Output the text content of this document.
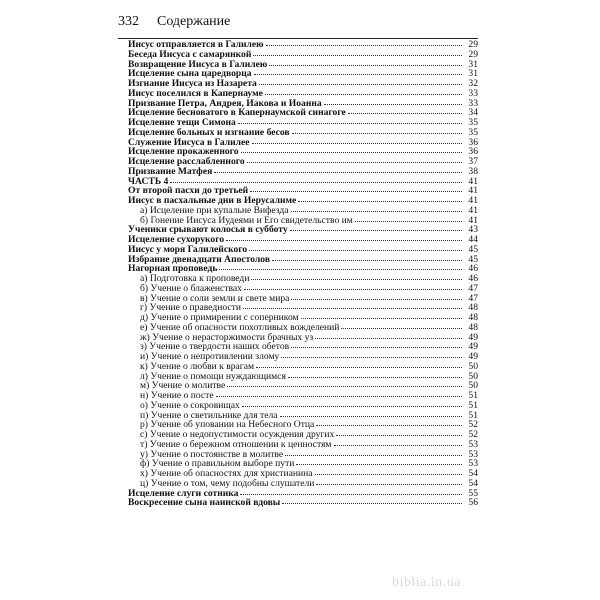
332 Содержание
Иисус отправляется в Галилею	29
Беседа Иисуса с самарянкой	29
Возвращение Иисуса в Галилею	31
Исцеление сына царедворца	31
Изгнание Иисуса из Назарета	32
Иисус поселился в Капернауме	33
Призвание Петра, Андрея, Иакова и Иоанна	33
Исцеление бесноватого в Капернаумской синагоге	34
Исцеление тещи Симона	35
Исцеление больных и изгнание бесов	35
Служение Иисуса в Галилее	36
Исцеление прокаженного	36
Исцеление расслабленного	37
Призвание Матфея	38
ЧАСТЬ 4	41
От второй пасхи до третьей	41
Иисус в пасхальные дни в Иерусалиме	41
а) Исцеление при купальне Вифезда	41
б) Гонение Иисуса Иудеями и Его свидетельство им	41
Ученики срывают колосья в субботу	43
Исцеление сухорукого	44
Иисус у моря Галилейского	45
Избрание двенадцати Апостолов	45
Нагорная проповедь	46
а) Подготовка к проповеди	46
б) Учение о блаженствах	47
в) Учение о соли земли и свете мира	47
г) Учение о праведности	48
д) Учение о примирении с соперником	48
е) Учение об опасности похотливых вожделений	48
ж) Учение о нерасторжимости брачных уз	49
з) Учение о твердости наших обетов	49
и) Учение о непротивлении злому	49
к) Учение о любви к врагам	50
л) Учение о помощи нуждающимся	50
м) Учение о молитве	50
н) Учение о посте	51
о) Учение о сокровищах	51
п) Учение о светильнике для тела	51
р) Учение об уповании на Небесного Отца	52
с) Учение о недопустимости осуждения других	52
т) Учение о бережном отношении к ценностям	53
у) Учение о постоянстве в молитве	53
ф) Учение о правильном выборе пути	53
х) Учение об опасностях для христианина	54
ц) Учение о том, чему подобны слушатели	54
Исцеление слуги сотника	55
Воскресение сына наинской вдовы	56
biblia.in.ua
